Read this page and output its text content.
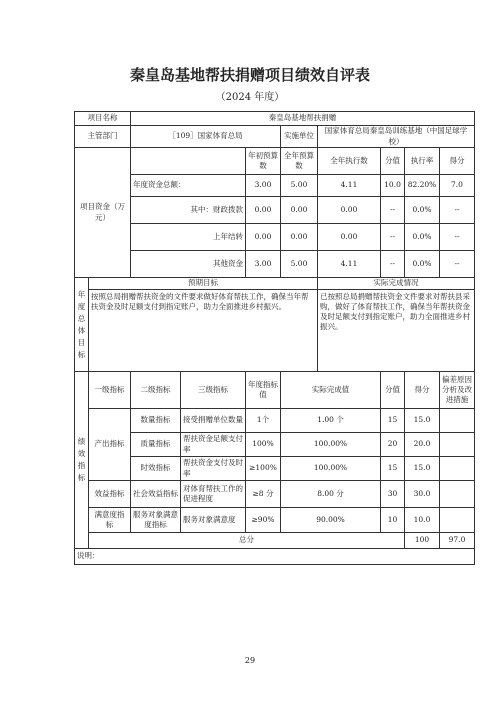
秦皇岛基地帮扶捐赠项目绩效自评表
（2024 年度）
项目名称		秦皇岛基地帮扶捐赠								
主管部门		［109］国家体育总局			实施单位	国家体育总局秦皇岛训练基地（中国足球学校）				
项目资金（万元）				年初预算数	全年预算数	全年执行数	分值	执行率	得分	
		年度资金总额：		3.00	5.00	4.11	10.0	82.20%	7.0	
		其中：财政拨款		0.00	0.00	0.00	--	0.0%	--	
		上年结转		0.00	0.00	0.00	--	0.0%	--	
		其他资金		3.00	5.00	4.11	--	0.0%	--	
年度总体目标	预期目标					实际完成情况				
	按照总局捐赠帮扶资金的文件要求做好体育帮扶工作，确保当年帮扶资金及时足额支付到指定账户，助力全面推进乡村振兴。					已按照总局捐赠帮扶资金文件要求对帮扶县采购，做好了体育帮扶工作，确保当年帮扶资金及时足额支付到指定账户，助力全面推进乡村振兴。				
绩效指标	一级指标	二级指标	三级指标	年度指标值	实际完成值		分值	得分	偏差原因分析及改进措施	
	产出指标	数量指标	接受捐赠单位数量	1个	1.00 个		15	15.0		
		质量指标	帮扶资金足额支付率	100%	100.00%		20	20.0		
		时效指标	帮扶资金支付及时率	≥100%	100.00%		15	15.0		
	效益指标	社会效益指标	对体育帮扶工作的促进程度	≥8 分	8.00 分		30	30.0		
	满意度指标	服务对象满意度指标	服务对象满意度	≥90%	90.00%		10	10.0		
	总分							100	97.0	
说明：										
29
